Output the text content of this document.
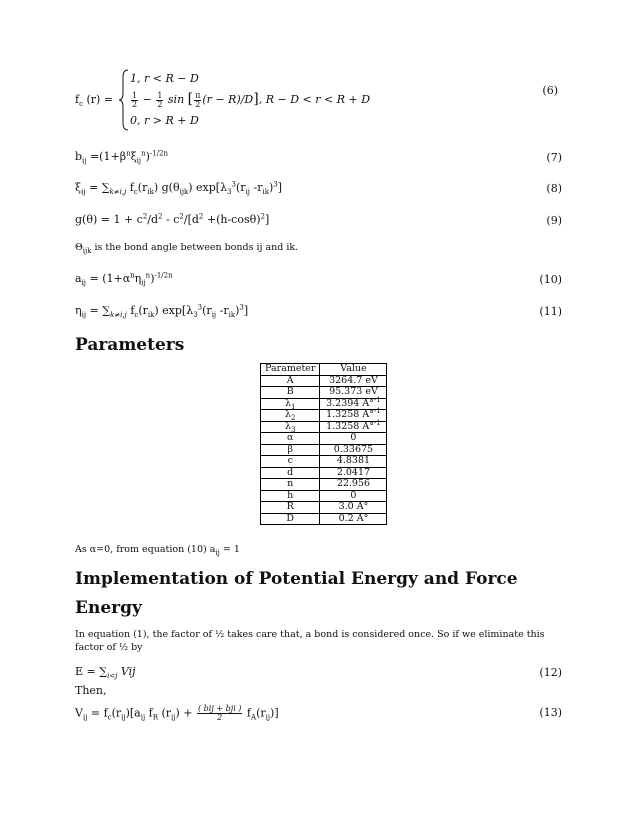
$f_c$ (r) =
1, r < R − D
$\frac{1}{2} - \frac{1}{2}$ sin [ $\frac{\pi}{2} (r - R)/D$], R − D < r < R + D
0, r > R + D
(6)
$b_{ij} =(1+\beta^n\xi_{ij}^n)^{-1/2n}$	(7)
$\xi_{ij} = \sum_{k\ne i,j}$ $f_c(r_{ik})$ $g(\theta_{ijk})$ $\exp[\lambda_3^3(r_{ij}$ $-r_{ik})^3$]	(8)
$g(\theta) = 1 + c^2/d^2 - c^2/[d^2 +(h-\cos\theta)^2]$	(9)
$\Theta_{ijk}$ is the bond angle between bonds ij and ik.
$a_{ij} = (1+\alpha^n\eta_{ij}^n)^{-1/2n}$	(10)
$\eta_{ij} = \sum_{k\ne i,j}$ $f_c(r_{ik})$ $\exp[\lambda_3^3(r_{ij}$ $-r_{ik})^3$]	(11)
Parameters
Parameter	Value
A	3264.7 eV
B	95.373 eV
$\lambda_1$	3.2394 A°$^{-1}$
$\lambda_2$	1.3258 A°$^{-1}$
$\lambda_3$	1.3258 A°$^{-1}$
α	0
β	0.33675
c	4.8381
d	2.0417
n	22.956
h	0
R	3.0 A°
D	0.2 A°
As α=0, from equation (10) $a_{ij} = 1$
Implementation of Potential Energy and Force
Energy
In equation (1), the factor of ½ takes care that, a bond is considered once. So if we eliminate this factor of ½ by
$E = \sum_{i<j}$ Vij	(12)
Then,
$V_{ij} = f_c(r_{ij})[a_{ij}$ $f_R$ $(r_{ij}) + \frac{\text{( bij + bji )}}{2} f_A(r_{ij})$]	(13)
